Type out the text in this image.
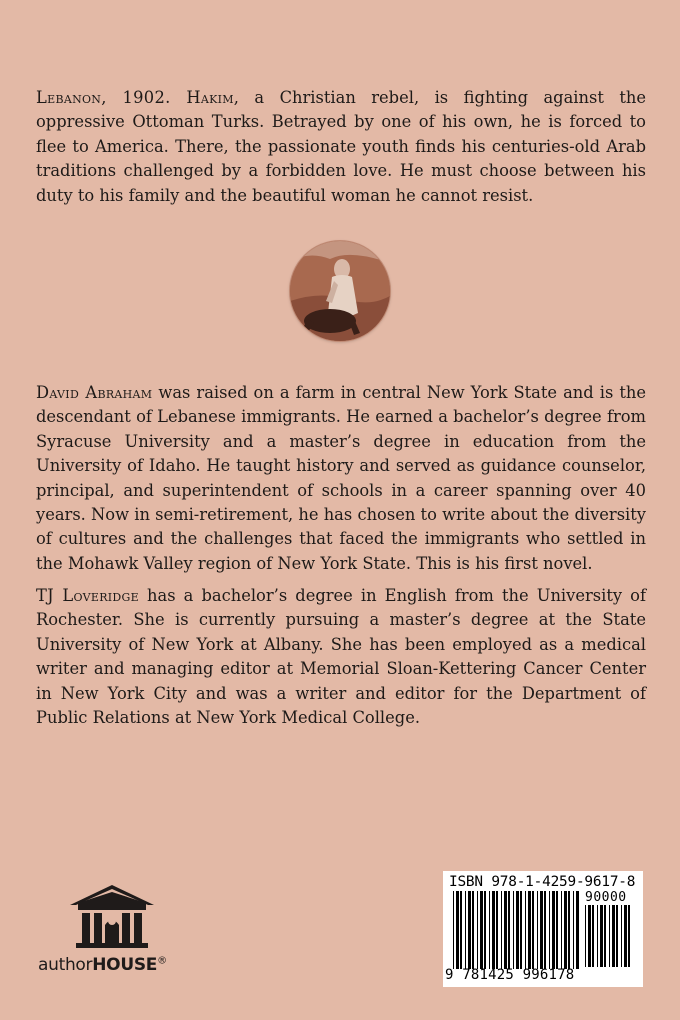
Lebanon, 1902. Hakim, a Christian rebel, is fighting against the oppressive Ottoman Turks. Betrayed by one of his own, he is forced to flee to America. There, the passionate youth finds his centuries-old Arab traditions challenged by a forbidden love. He must choose between his duty to his family and the beautiful woman he cannot resist.

David Abraham was raised on a farm in central New York State and is the descendant of Lebanese immigrants. He earned a bachelor’s degree from Syracuse University and a master’s degree in education from the University of Idaho. He taught history and served as guidance counselor, principal, and superintendent of schools in a career spanning over 40 years. Now in semi-retirement, he has chosen to write about the diversity of cultures and the challenges that faced the immigrants who settled in the Mohawk Valley region of New York State. This is his first novel.

TJ Loveridge has a bachelor’s degree in English from the University of Rochester. She is currently pursuing a master’s degree at the State University of New York at Albany. She has been employed as a medical writer and managing editor at Memorial Sloan-Kettering Cancer Center in New York City and was a writer and editor for the Department of Public Relations at New York Medical College.

authorHOUSE®
ISBN 978-1-4259-9617-8
90000
9 781425 996178
